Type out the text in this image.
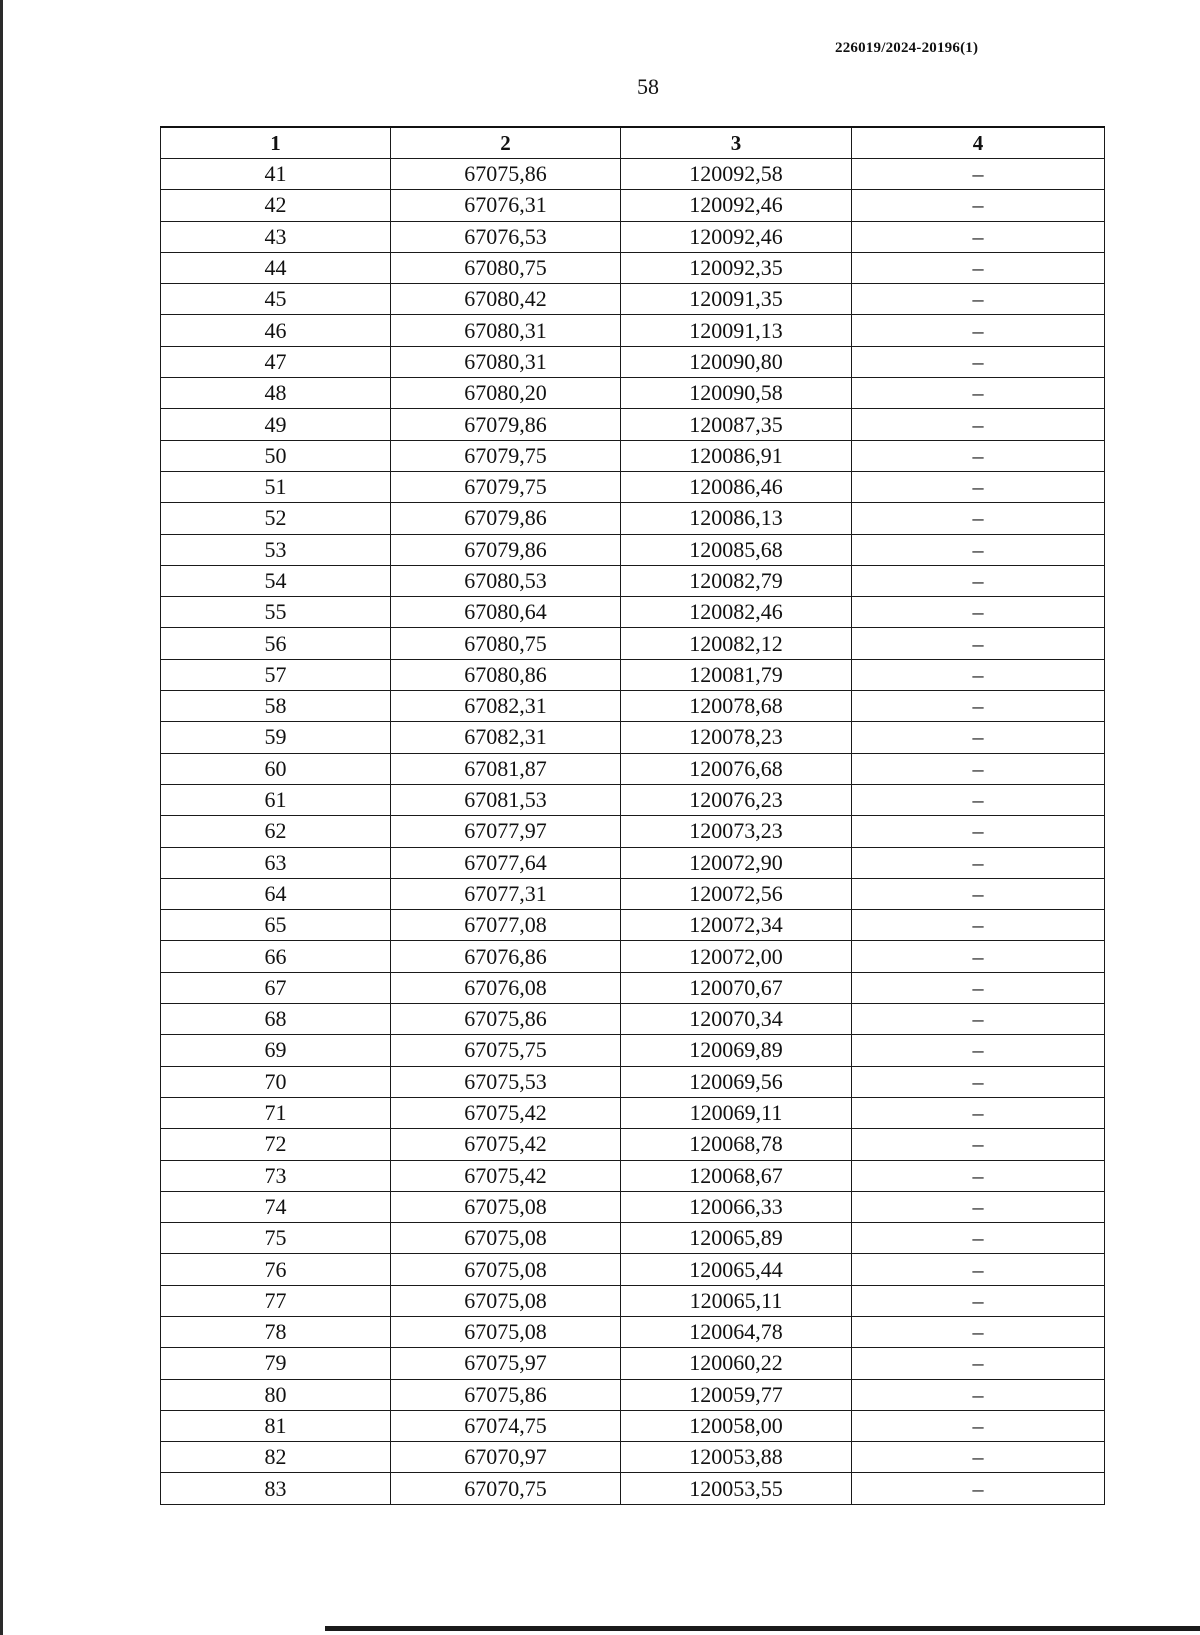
226019/2024-20196(1)
58
1	2	3	4
41	67075,86	120092,58	–
42	67076,31	120092,46	–
43	67076,53	120092,46	–
44	67080,75	120092,35	–
45	67080,42	120091,35	–
46	67080,31	120091,13	–
47	67080,31	120090,80	–
48	67080,20	120090,58	–
49	67079,86	120087,35	–
50	67079,75	120086,91	–
51	67079,75	120086,46	–
52	67079,86	120086,13	–
53	67079,86	120085,68	–
54	67080,53	120082,79	–
55	67080,64	120082,46	–
56	67080,75	120082,12	–
57	67080,86	120081,79	–
58	67082,31	120078,68	–
59	67082,31	120078,23	–
60	67081,87	120076,68	–
61	67081,53	120076,23	–
62	67077,97	120073,23	–
63	67077,64	120072,90	–
64	67077,31	120072,56	–
65	67077,08	120072,34	–
66	67076,86	120072,00	–
67	67076,08	120070,67	–
68	67075,86	120070,34	–
69	67075,75	120069,89	–
70	67075,53	120069,56	–
71	67075,42	120069,11	–
72	67075,42	120068,78	–
73	67075,42	120068,67	–
74	67075,08	120066,33	–
75	67075,08	120065,89	–
76	67075,08	120065,44	–
77	67075,08	120065,11	–
78	67075,08	120064,78	–
79	67075,97	120060,22	–
80	67075,86	120059,77	–
81	67074,75	120058,00	–
82	67070,97	120053,88	–
83	67070,75	120053,55	–
